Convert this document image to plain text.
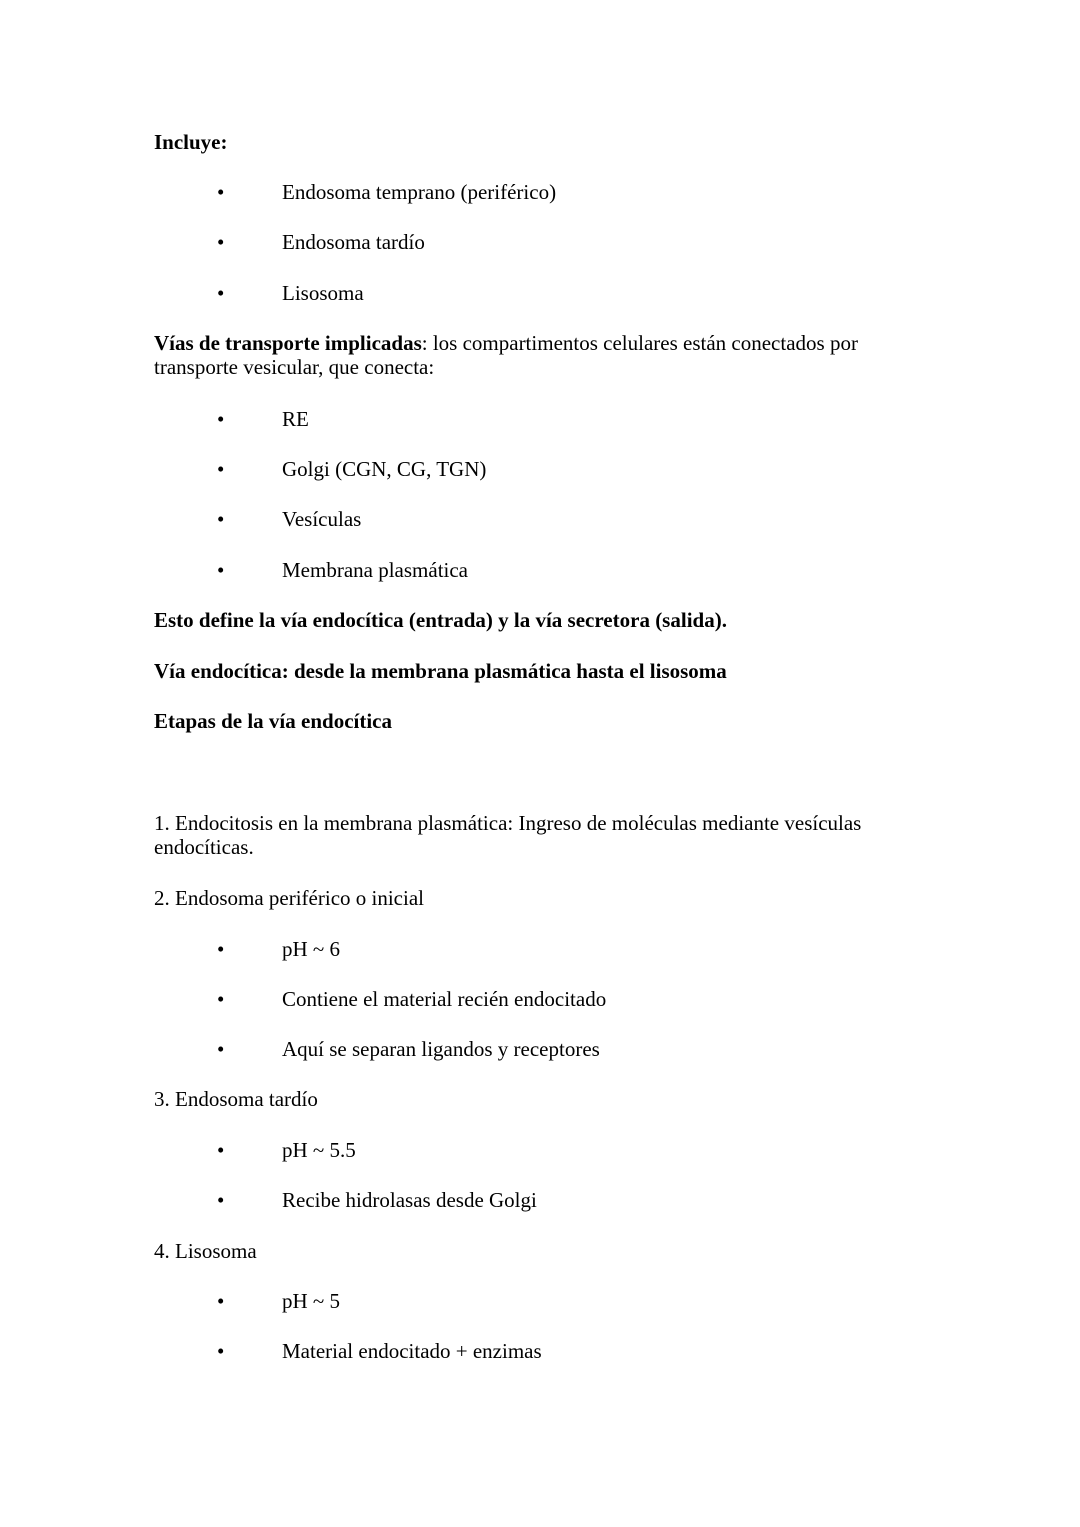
Incluye:

•	Endosoma temprano (periférico)
•	Endosoma tardío
•	Lisosoma

Vías de transporte implicadas: los compartimentos celulares están conectados por transporte vesicular, que conecta:

•	RE
•	Golgi (CGN, CG, TGN)
•	Vesículas
•	Membrana plasmática

Esto define la vía endocítica (entrada) y la vía secretora (salida).

Vía endocítica: desde la membrana plasmática hasta el lisosoma

Etapas de la vía endocítica

1. Endocitosis en la membrana plasmática: Ingreso de moléculas mediante vesículas endocíticas.

2. Endosoma periférico o inicial

•	pH ~ 6
•	Contiene el material recién endocitado
•	Aquí se separan ligandos y receptores

3. Endosoma tardío

•	pH ~ 5.5
•	Recibe hidrolasas desde Golgi

4. Lisosoma

•	pH ~ 5
•	Material endocitado + enzimas
